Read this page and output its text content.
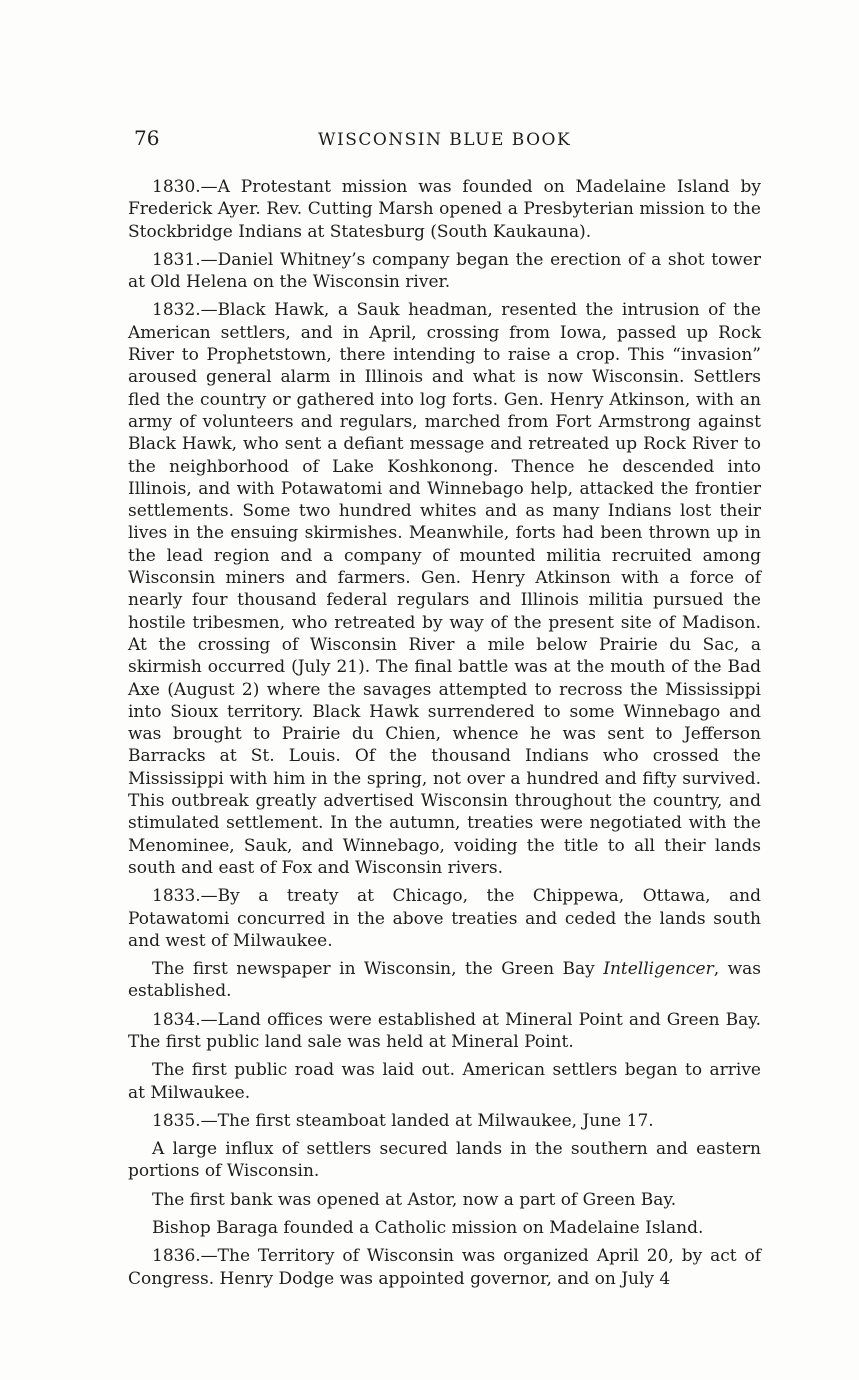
76	WISCONSIN BLUE BOOK

1830.—A Protestant mission was founded on Madelaine Island by Frederick Ayer. Rev. Cutting Marsh opened a Presbyterian mission to the Stockbridge Indians at Statesburg (South Kaukauna).

1831.—Daniel Whitney’s company began the erection of a shot tower at Old Helena on the Wisconsin river.

1832.—Black Hawk, a Sauk headman, resented the intrusion of the American settlers, and in April, crossing from Iowa, passed up Rock River to Prophetstown, there intending to raise a crop. This “invasion” aroused general alarm in Illinois and what is now Wisconsin. Settlers fled the country or gathered into log forts. Gen. Henry Atkinson, with an army of volunteers and regulars, marched from Fort Armstrong against Black Hawk, who sent a defiant message and retreated up Rock River to the neighborhood of Lake Koshkonong. Thence he descended into Illinois, and with Potawatomi and Winnebago help, attacked the frontier settlements. Some two hundred whites and as many Indians lost their lives in the ensuing skirmishes. Meanwhile, forts had been thrown up in the lead region and a company of mounted militia recruited among Wisconsin miners and farmers. Gen. Henry Atkinson with a force of nearly four thousand federal regulars and Illinois militia pursued the hostile tribesmen, who retreated by way of the present site of Madison. At the crossing of Wisconsin River a mile below Prairie du Sac, a skirmish occurred (July 21). The final battle was at the mouth of the Bad Axe (August 2) where the savages attempted to recross the Mississippi into Sioux territory. Black Hawk surrendered to some Winnebago and was brought to Prairie du Chien, whence he was sent to Jefferson Barracks at St. Louis. Of the thousand Indians who crossed the Mississippi with him in the spring, not over a hundred and fifty survived. This outbreak greatly advertised Wisconsin throughout the country, and stimulated settlement. In the autumn, treaties were negotiated with the Menominee, Sauk, and Winnebago, voiding the title to all their lands south and east of Fox and Wisconsin rivers.

1833.—By a treaty at Chicago, the Chippewa, Ottawa, and Potawatomi concurred in the above treaties and ceded the lands south and west of Milwaukee.

The first newspaper in Wisconsin, the Green Bay Intelligencer, was established.

1834.—Land offices were established at Mineral Point and Green Bay. The first public land sale was held at Mineral Point.

The first public road was laid out. American settlers began to arrive at Milwaukee.

1835.—The first steamboat landed at Milwaukee, June 17.

A large influx of settlers secured lands in the southern and eastern portions of Wisconsin.

The first bank was opened at Astor, now a part of Green Bay.

Bishop Baraga founded a Catholic mission on Madelaine Island.

1836.—The Territory of Wisconsin was organized April 20, by act of Congress. Henry Dodge was appointed governor, and on July 4
